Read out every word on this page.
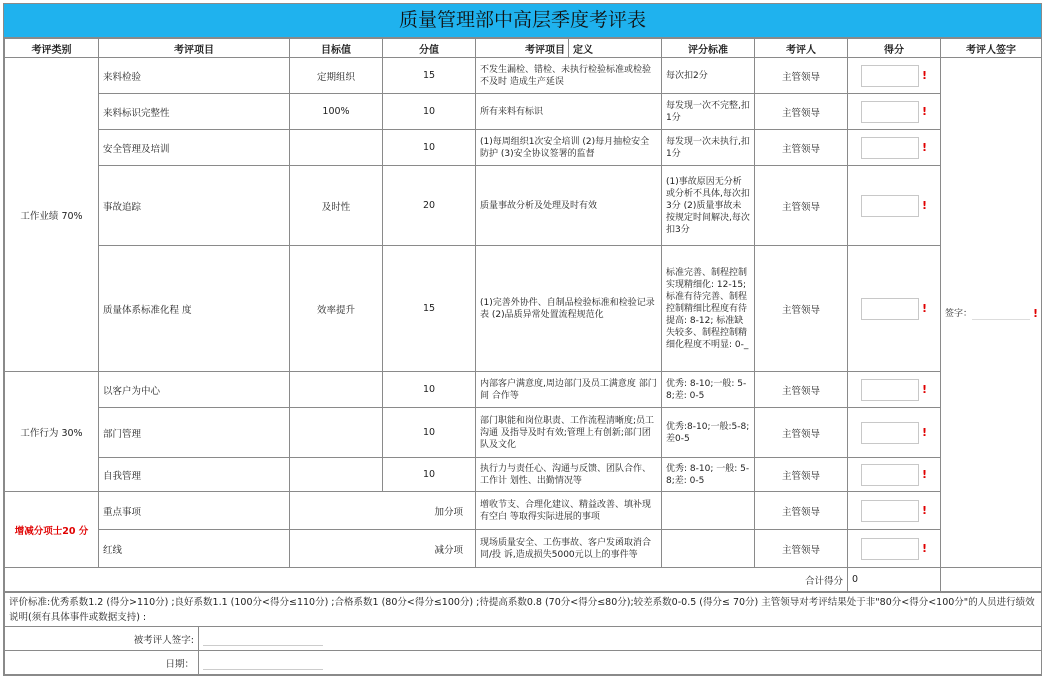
质量管理部中高层季度考评表
考评类别	考评项目	目标值	分值	考评项目	定义	评分标准	考评人	得分	考评人签字
工作业绩 70%	来料检验	定期组织	15	不发生漏检、错检、未执行检验标准或检验不及时 造成生产延误		每次扣2分	主管领导	!	签字： !
	来料标识完整性	100%	10	所有来料有标识		每发现一次不完整,扣1分	主管领导	!	
	安全管理及培训		10	(1)每周组织1次安全培训 (2)每月抽检安全防护 (3)安全协议签署的监督		每发现一次未执行,扣1分	主管领导	!	
	事故追踪	及时性	20	质量事故分析及处理及时有效		(1)事故原因无分析或分析不具体,每次扣3分 (2)质量事故未按规定时间解决,每次扣3分	主管领导	!	
	质量体系标准化程 度	效率提升	15	(1)完善外协件、自制品检验标准和检验记录表 (2)品质异常处置流程规范化		标准完善、制程控制实现精细化: 12-15; 标准有待完善、制程控制精细比程度有待提高: 8-12; 标准缺失较多、制程控制精细化程度不明显: 0-_	主管领导	!	
工作行为 30%	以客户为中心		10	内部客户满意度,周边部门及员工满意度 部门间 合作等		优秀: 8-10;一般: 5-8;差: 0-5	主管领导	!	
	部门管理		10	部门职能和岗位职责、工作流程清晰度;员工沟通 及指导及时有效;管理上有创新;部门团队及文化		优秀:8-10;一般:5-8;差0-5	主管领导	!	
	自我管理		10	执行力与责任心、沟通与反馈、团队合作、工作计 划性、出勤情况等		优秀: 8-10; 一般: 5-8;差: 0-5	主管领导	!	
增减分项士20 分	重点事项	加分项		增收节支、合理化建议、精益改善、填补现有空白 等取得实际进展的事项			主管领导	!	
	红线	减分项		现场质量安全、工伤事故、客户发函取消合同/投 诉,造成损失5000元以上的事件等			主管领导	!	
合计得分								0	
评价标准:优秀系数1.2 (得分>110分) ;良好系数1.1 (100分<得分≤110分) ;合格系数1 (80分<得分≤100分) ;待提高系数0.8 (70分<得分≤80分);较差系数0-0.5 (得分≤ 70分) 主管领导对考评结果处于非"80分<得分<100分"的人员进行绩效说明(须有具体事件或数据支持) :	
被考评人签字:	
日期：	
